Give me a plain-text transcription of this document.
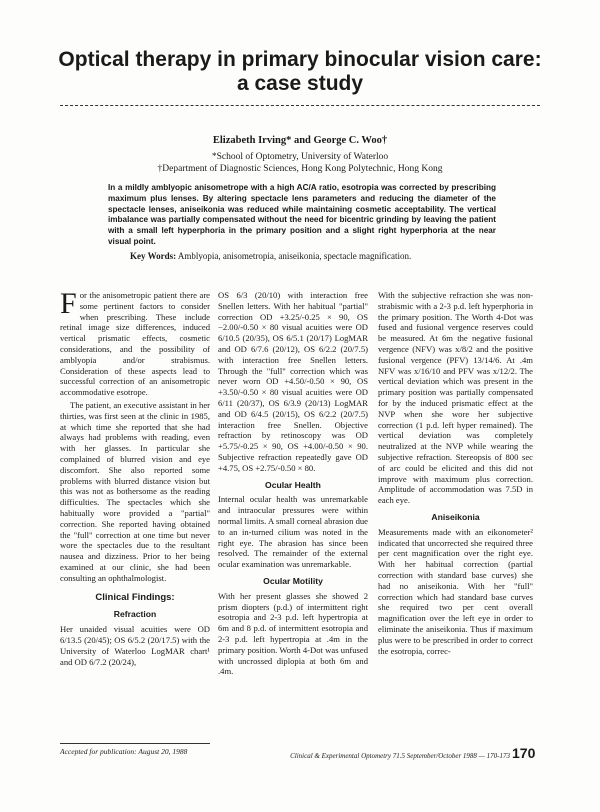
Optical therapy in primary binocular vision care:
a case study
Elizabeth Irving* and George C. Woo†
*School of Optometry, University of Waterloo
†Department of Diagnostic Sciences, Hong Kong Polytechnic, Hong Kong
In a mildly amblyopic anisometrope with a high AC/A ratio, esotropia was corrected by prescribing maximum plus lenses. By altering spectacle lens parameters and reducing the diameter of the spectacle lenses, aniseikonia was reduced while maintaining cosmetic acceptability. The vertical imbalance was partially compensated without the need for bicentric grinding by leaving the patient with a small left hyperphoria in the primary position and a slight right hyperphoria at the near visual point.
Key Words: Amblyopia, anisometropia, aniseikonia, spectacle magnification.

For the anisometropic patient there are some pertinent factors to consider when prescribing. These include retinal image size differences, induced vertical prismatic effects, cosmetic considerations, and the possibility of amblyopia and/or strabismus. Consideration of these aspects lead to successful correction of an anisometropic accommodative esotrope.

The patient, an executive assistant in her thirties, was first seen at the clinic in 1985, at which time she reported that she had always had problems with reading, even with her glasses. In particular she complained of blurred vision and eye discomfort. She also reported some problems with blurred distance vision but this was not as bothersome as the reading difficulties. The spectacles which she habitually wore provided a "partial" correction. She reported having obtained the "full" correction at one time but never wore the spectacles due to the resultant nausea and dizziness. Prior to her being examined at our clinic, she had been consulting an ophthalmologist.

Clinical Findings:
Refraction

Her unaided visual acuities were OD 6/13.5 (20/45); OS 6/5.2 (20/17.5) with the University of Waterloo LogMAR chart¹ and OD 6/7.2 (20/24),

OS 6/3 (20/10) with interaction free Snellen letters. With her habitual "partial" correction OD +3.25/-0.25 × 90, OS −2.00/-0.50 × 80 visual acuities were OD 6/10.5 (20/35), OS 6/5.1 (20/17) LogMAR and OD 6/7.6 (20/12), OS 6/2.2 (20/7.5) with interaction free Snellen letters. Through the "full" correction which was never worn OD +4.50/-0.50 × 90, OS +3.50/-0.50 × 80 visual acuities were OD 6/11 (20/37), OS 6/3.9 (20/13) LogMAR and OD 6/4.5 (20/15), OS 6/2.2 (20/7.5) interaction free Snellen. Objective refraction by retinoscopy was OD +5.75/-0.25 × 90, OS +4.00/-0.50 × 90. Subjective refraction repeatedly gave OD +4.75, OS +2.75/-0.50 × 80.

Ocular Health

Internal ocular health was unremarkable and intraocular pressures were within normal limits. A small corneal abrasion due to an in-turned cilium was noted in the right eye. The abrasion has since been resolved. The remainder of the external ocular examination was unremarkable.

Ocular Motility

With her present glasses she showed 2 prism diopters (p.d.) of intermittent right esotropia and 2-3 p.d. left hypertropia at 6m and 8 p.d. of intermittent esotropia and 2-3 p.d. left hypertropia at .4m in the primary position. Worth 4-Dot was unfused with uncrossed diplopia at both 6m and .4m.

With the subjective refraction she was non-strabismic with a 2-3 p.d. left hyperphoria in the primary position. The Worth 4-Dot was fused and fusional vergence reserves could be measured. At 6m the negative fusional vergence (NFV) was x/8/2 and the positive fusional vergence (PFV) 13/14/6. At .4m NFV was x/16/10 and PFV was x/12/2. The vertical deviation which was present in the primary position was partially compensated for by the induced prismatic effect at the NVP when she wore her subjective correction (1 p.d. left hyper remained). The vertical deviation was completely neutralized at the NVP while wearing the subjective refraction. Stereopsis of 800 sec of arc could be elicited and this did not improve with maximum plus correction. Amplitude of accommodation was 7.5D in each eye.

Aniseikonia

Measurements made with an eikonometer² indicated that uncorrected she required three per cent magnification over the right eye. With her habitual correction (partial correction with standard base curves) she had no aniseikonia. With her "full" correction which had standard base curves she required two per cent overall magnification over the left eye in order to eliminate the aniseikonia. Thus if maximum plus were to be prescribed in order to correct the esotropia, correc-

Accepted for publication: August 20, 1988	Clinical & Experimental Optometry 71.5 September/October 1988 — 170-173 170
